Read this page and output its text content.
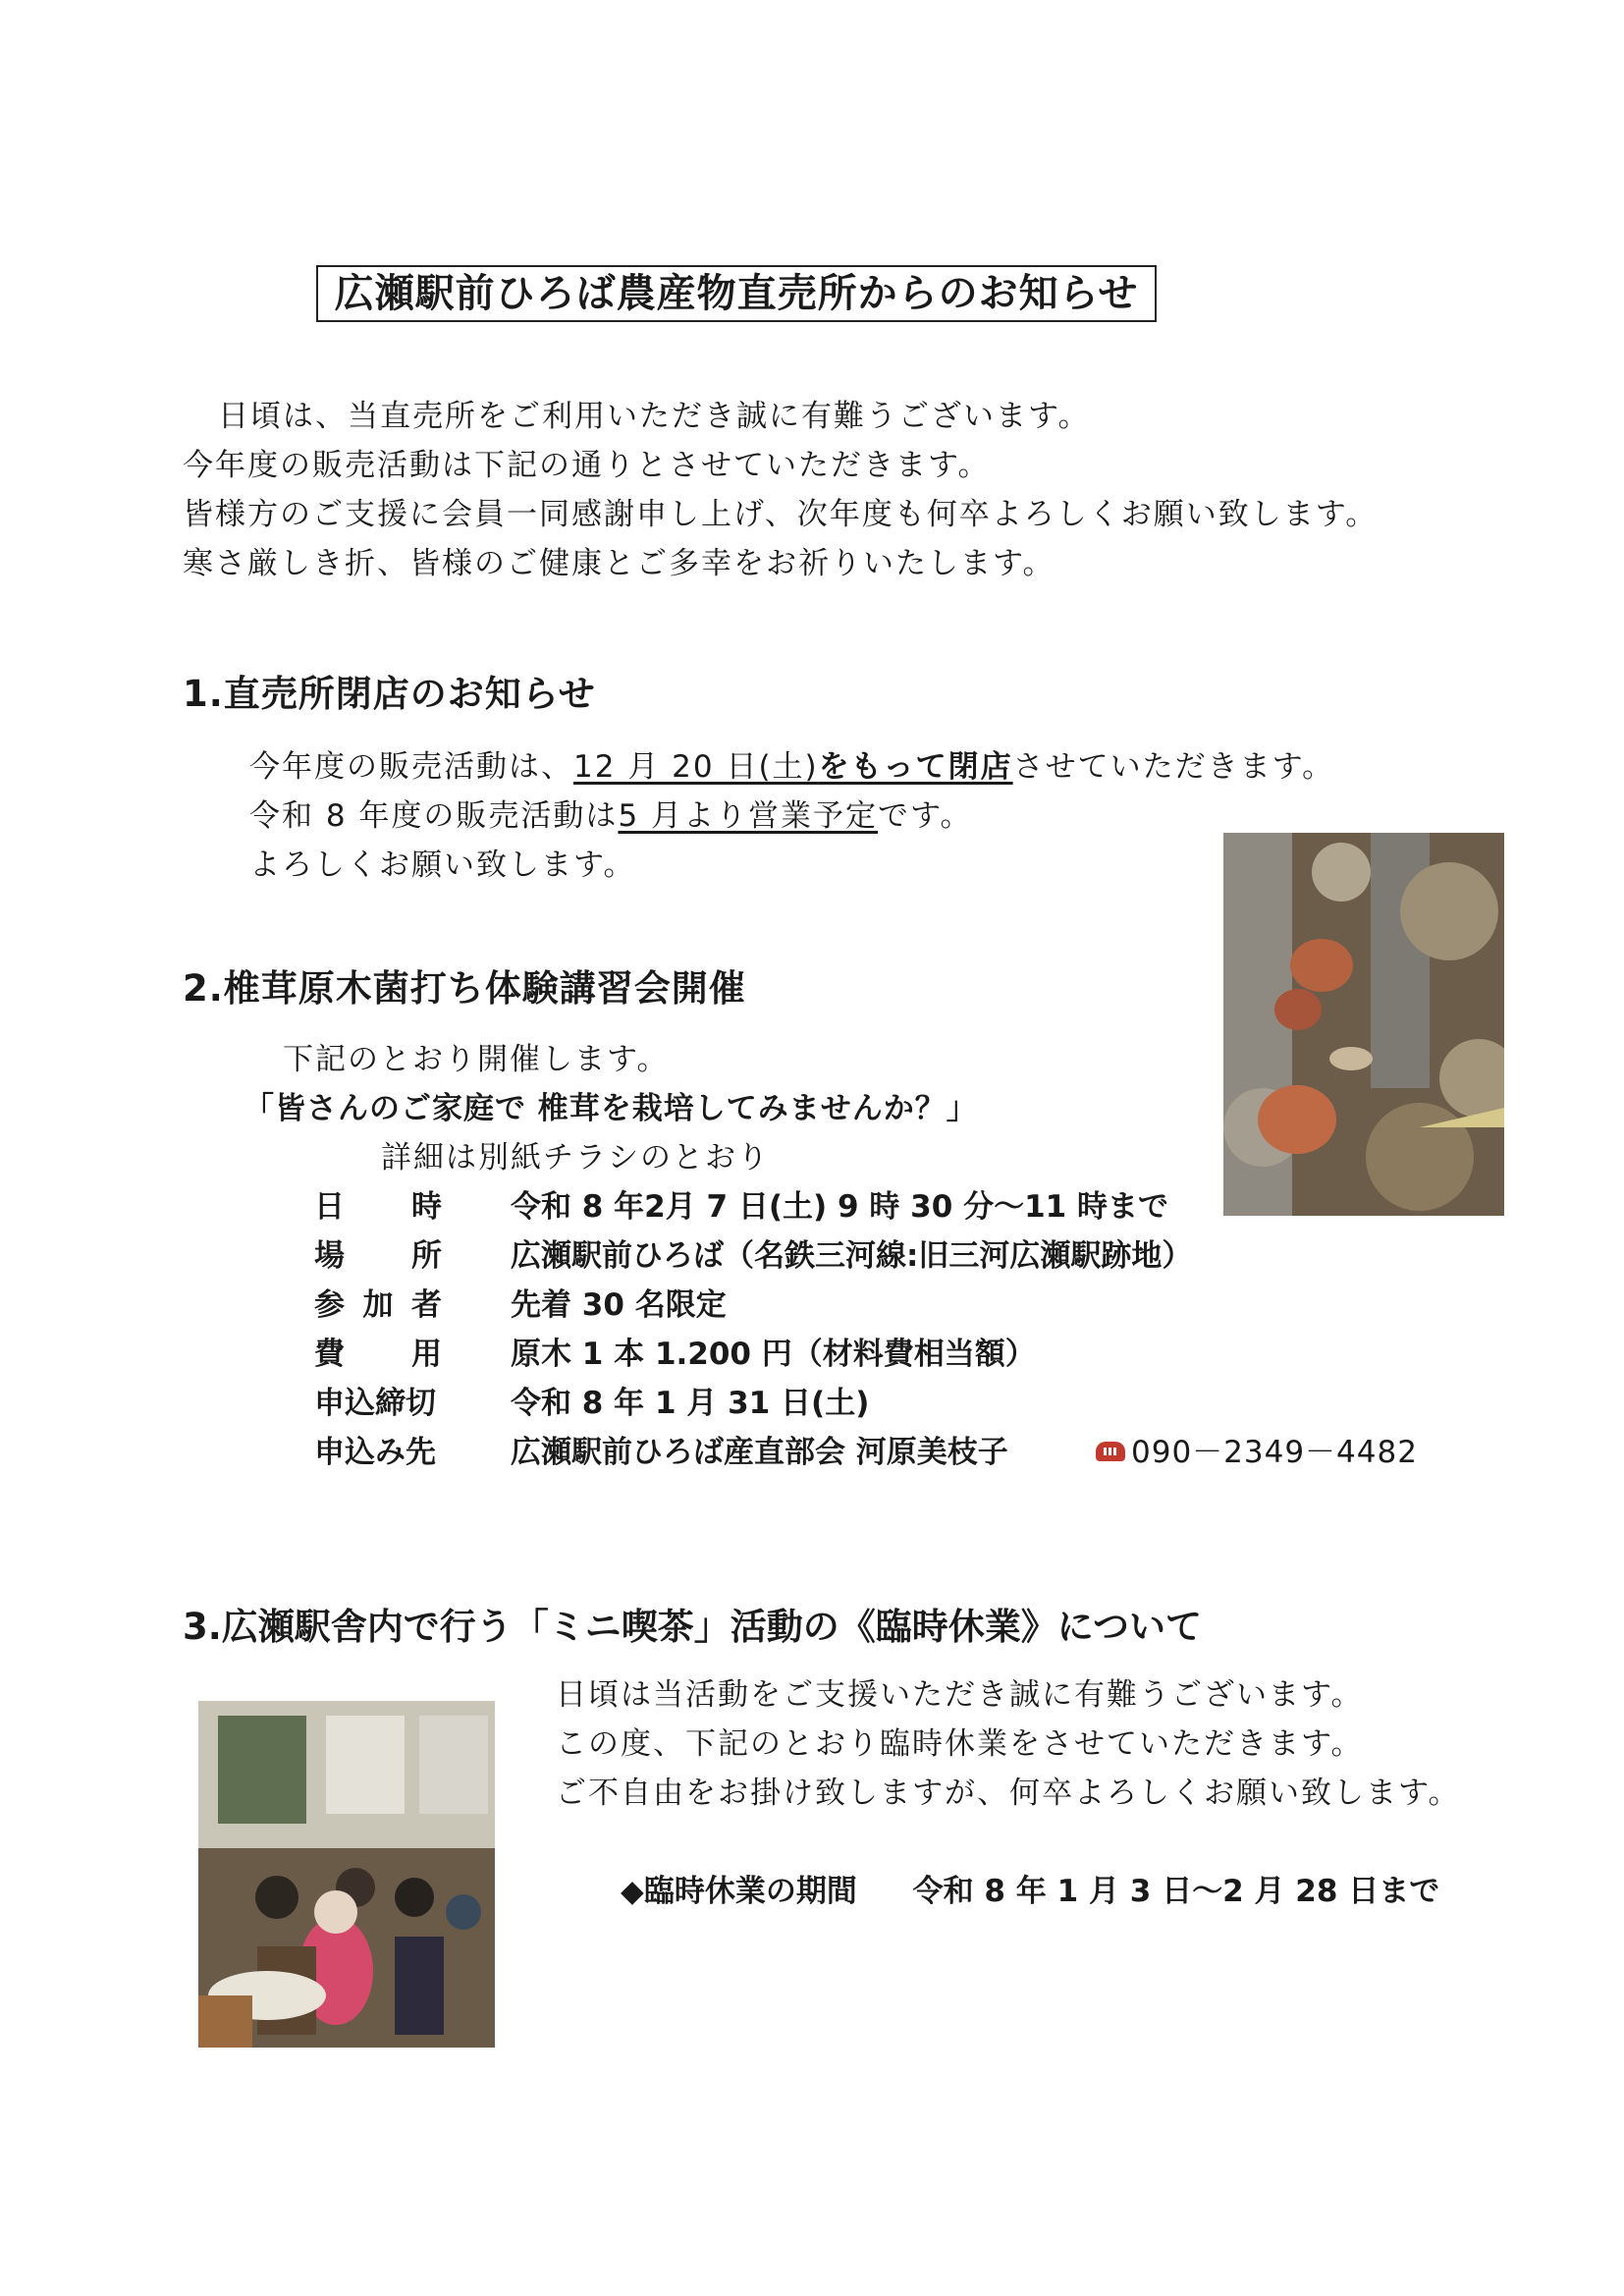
広瀬駅前ひろば農産物直売所からのお知らせ
日頃は、当直売所をご利用いただき誠に有難うございます。
今年度の販売活動は下記の通りとさせていただきます。
皆様方のご支援に会員一同感謝申し上げ、次年度も何卒よろしくお願い致します。
寒さ厳しき折、皆様のご健康とご多幸をお祈りいたします。
1.直売所閉店のお知らせ
今年度の販売活動は、12 月 20 日(土)をもって閉店させていただきます。
令和 8 年度の販売活動は5 月より営業予定です。
よろしくお願い致します。
2.椎茸原木菌打ち体験講習会開催
下記のとおり開催します。
「皆さんのご家庭で 椎茸を栽培してみませんか？」
詳細は別紙チラシのとおり
日 時 令和 8 年2月 7 日(土) 9 時 30 分～11 時まで
場 所 広瀬駅前ひろば（名鉄三河線:旧三河広瀬駅跡地）
参 加 者 先着 30 名限定
費 用 原木 1 本 1.200 円（材料費相当額）
申込締切 令和 8 年 1 月 31 日(土)
申込み先 広瀬駅前ひろば産直部会 河原美枝子	090－2349－4482
3.広瀬駅舎内で行う「ミニ喫茶」活動の《臨時休業》について
日頃は当活動をご支援いただき誠に有難うございます。
この度、下記のとおり臨時休業をさせていただきます。
ご不自由をお掛け致しますが、何卒よろしくお願い致します。
◆臨時休業の期間 令和 8 年 1 月 3 日～2 月 28 日まで
